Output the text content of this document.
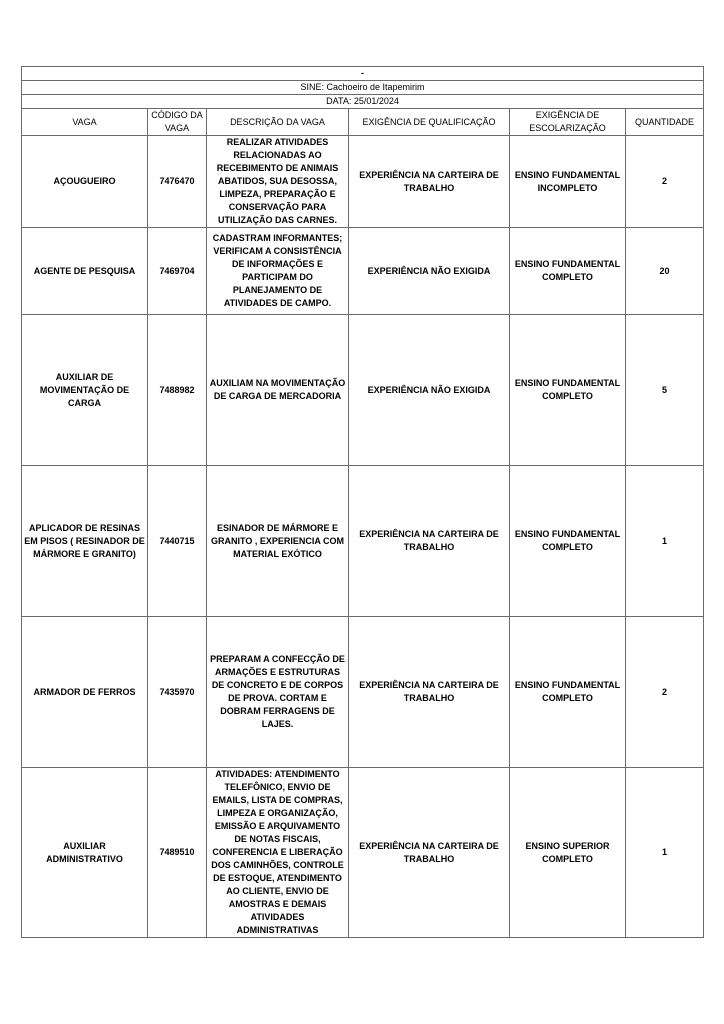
-					
SINE: Cachoeiro de Itapemirim					
DATA: 25/01/2024					
VAGA	CÓDIGO DA VAGA	DESCRIÇÃO DA VAGA	EXIGÊNCIA DE QUALIFICAÇÃO	EXIGÊNCIA DE ESCOLARIZAÇÃO	QUANTIDADE
AÇOUGUEIRO	7476470	REALIZAR ATIVIDADES RELACIONADAS AO RECEBIMENTO DE ANIMAIS ABATIDOS, SUA DESOSSA, LIMPEZA, PREPARAÇÃO E CONSERVAÇÃO PARA UTILIZAÇÃO DAS CARNES.	EXPERIÊNCIA NA CARTEIRA DE TRABALHO	ENSINO FUNDAMENTAL INCOMPLETO	2
AGENTE DE PESQUISA	7469704	CADASTRAM INFORMANTES; VERIFICAM A CONSISTÊNCIA DE INFORMAÇÕES E PARTICIPAM DO PLANEJAMENTO DE ATIVIDADES DE CAMPO.	EXPERIÊNCIA NÃO EXIGIDA	ENSINO FUNDAMENTAL COMPLETO	20
AUXILIAR DE MOVIMENTAÇÃO DE CARGA	7488982	AUXILIAM NA MOVIMENTAÇÃO DE CARGA DE MERCADORIA	EXPERIÊNCIA NÃO EXIGIDA	ENSINO FUNDAMENTAL COMPLETO	5
APLICADOR DE RESINAS EM PISOS ( RESINADOR DE MÁRMORE E GRANITO)	7440715	ESINADOR DE MÁRMORE E GRANITO , EXPERIENCIA COM MATERIAL EXÓTICO	EXPERIÊNCIA NA CARTEIRA DE TRABALHO	ENSINO FUNDAMENTAL COMPLETO	1
ARMADOR DE FERROS	7435970	PREPARAM A CONFECÇÃO DE ARMAÇÕES E ESTRUTURAS DE CONCRETO E DE CORPOS DE PROVA. CORTAM E DOBRAM FERRAGENS DE LAJES.	EXPERIÊNCIA NA CARTEIRA DE TRABALHO	ENSINO FUNDAMENTAL COMPLETO	2
AUXILIAR ADMINISTRATIVO	7489510	ATIVIDADES: ATENDIMENTO TELEFÔNICO, ENVIO DE EMAILS, LISTA DE COMPRAS, LIMPEZA E ORGANIZAÇÃO, EMISSÃO E ARQUIVAMENTO DE NOTAS FISCAIS, CONFERENCIA E LIBERAÇÃO DOS CAMINHÕES, CONTROLE DE ESTOQUE, ATENDIMENTO AO CLIENTE, ENVIO DE AMOSTRAS E DEMAIS ATIVIDADES ADMINISTRATIVAS	EXPERIÊNCIA NA CARTEIRA DE TRABALHO	ENSINO SUPERIOR COMPLETO	1
